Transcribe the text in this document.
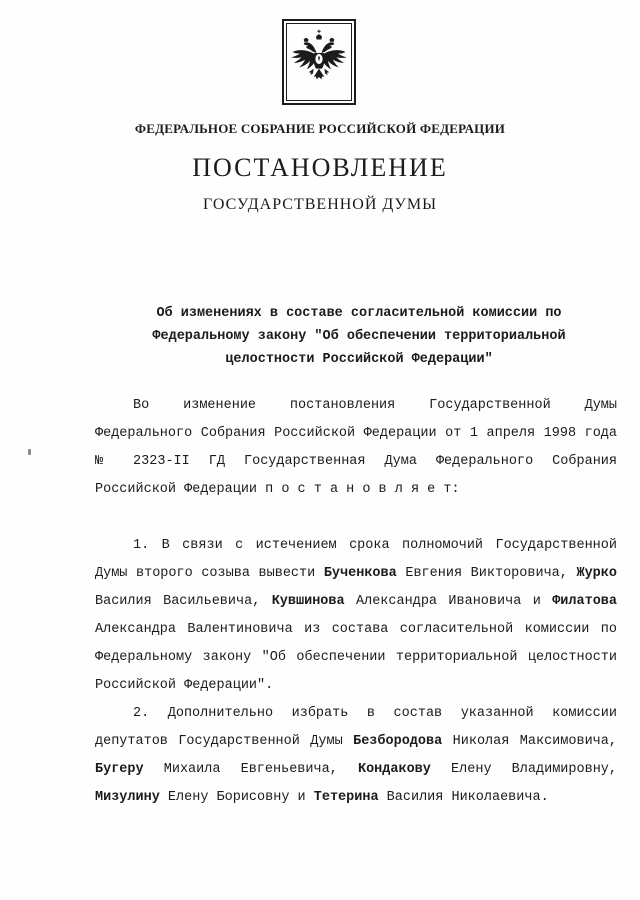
ФЕДЕРАЛЬНОЕ СОБРАНИЕ РОССИЙСКОЙ ФЕДЕРАЦИИ
ПОСТАНОВЛЕНИЕ
ГОСУДАРСТВЕННОЙ ДУМЫ
Об изменениях в составе согласительной комиссии по
Федеральному закону "Об обеспечении территориальной
целостности Российской Федерации"

Во изменение постановления Государственной Думы Федерального Собрания Российской Федерации от 1 апреля 1998 года № 2323-II ГД Государственная Дума Федерального Собрания Российской Федерации п о с т а н о в л я е т:

1. В связи с истечением срока полномочий Государственной Думы второго созыва вывести Бученкова Евгения Викторовича, Журко Василия Васильевича, Кувшинова Александра Ивановича и Филатова Александра Валентиновича из состава согласительной комиссии по Федеральному закону "Об обеспечении территориальной целостности Российской Федерации".

2. Дополнительно избрать в состав указанной комиссии депутатов Государственной Думы Безбородова Николая Максимовича, Бугеру Михаила Евгеньевича, Кондакову Елену Владимировну, Мизулину Елену Борисовну и Тетерина Василия Николаевича.
